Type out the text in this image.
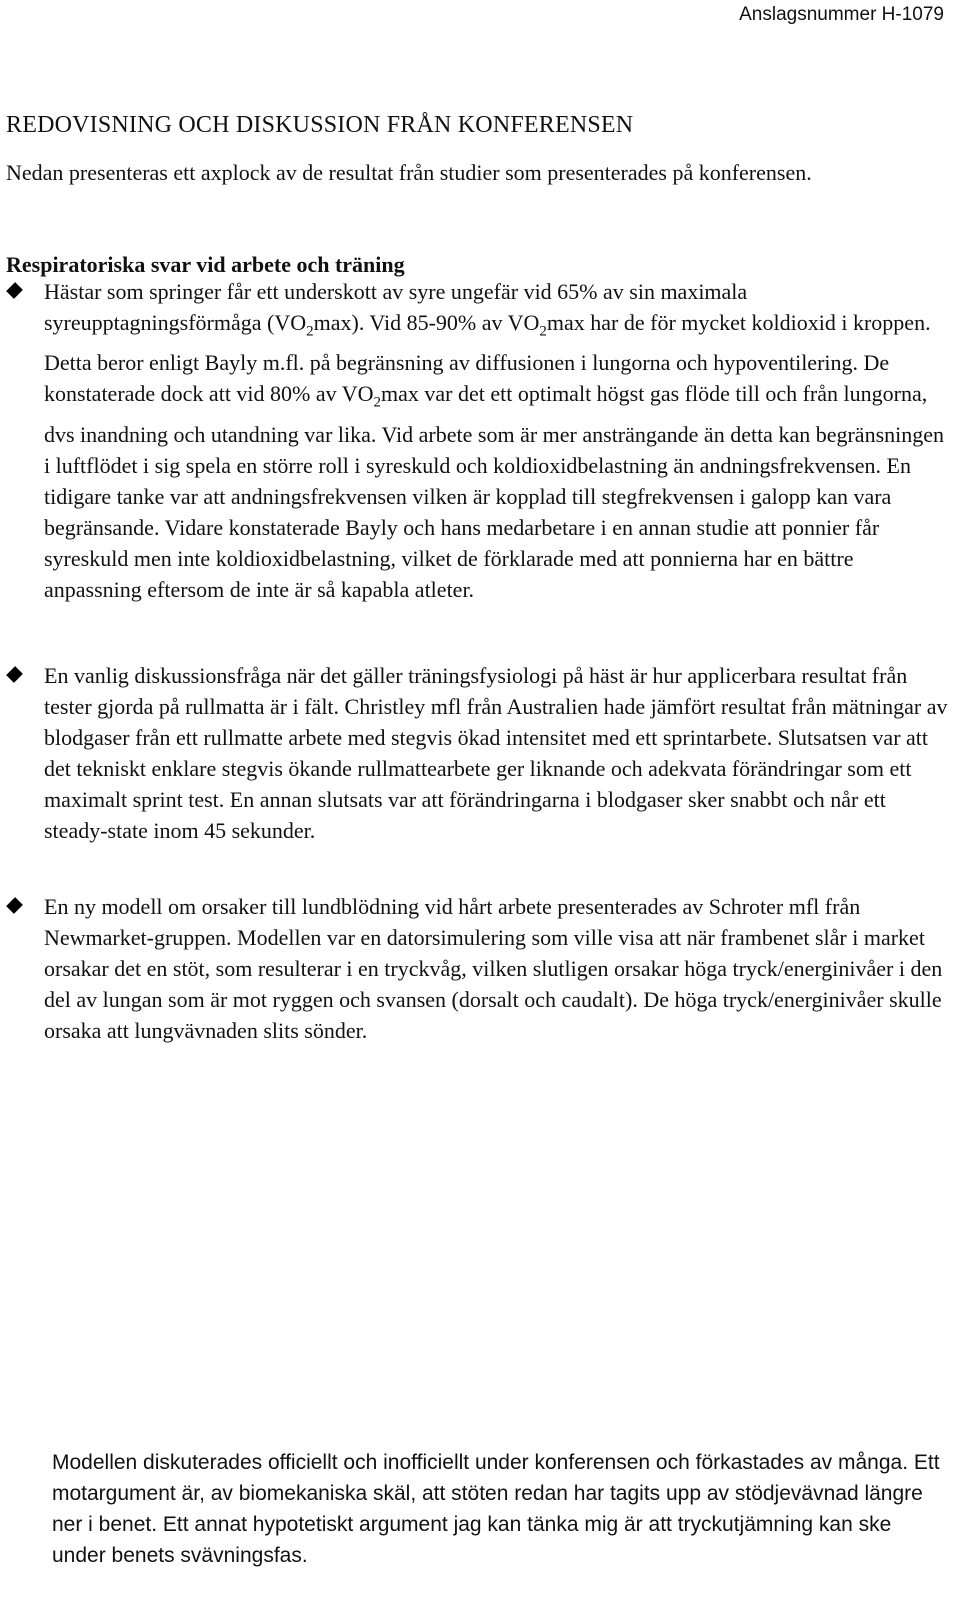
Anslagsnummer H-1079
REDOVISNING OCH DISKUSSION FRÅN KONFERENSEN

Nedan presenteras ett axplock av de resultat från studier som presenterades på konferensen.

Respiratoriska svar vid arbete och träning

Hästar som springer får ett underskott av syre ungefär vid 65% av sin maximala syreupptagningsförmåga $(VO_2\max)$. Vid 85-90% av $VO_2\max$ har de för mycket koldioxid i kroppen. Detta beror enligt Bayly m.fl. på begränsning av diffusionen i lungorna och hypoventilering. De konstaterade dock att vid 80% av $VO_2\max$ var det ett optimalt högst gas flöde till och från lungorna, dvs inandning och utandning var lika. Vid arbete som är mer ansträngande än detta kan begränsningen i luftflödet i sig spela en större roll i syreskuld och koldioxidbelastning än andningsfrekvensen. En tidigare tanke var att andningsfrekvensen vilken är kopplad till stegfrekvensen i galopp kan vara begränsande. Vidare konstaterade Bayly och hans medarbetare i en annan studie att ponnier får syreskuld men inte koldioxidbelastning, vilket de förklarade med att ponnierna har en bättre anpassning eftersom de inte är så kapabla atleter.

En vanlig diskussionsfråga när det gäller träningsfysiologi på häst är hur applicerbara resultat från tester gjorda på rullmatta är i fält. Christley mfl från Australien hade jämfört resultat från mätningar av blodgaser från ett rullmatte arbete med stegvis ökad intensitet med ett sprintarbete. Slutsatsen var att det tekniskt enklare stegvis ökande rullmattearbete ger liknande och adekvata förändringar som ett maximalt sprint test. En annan slutsats var att förändringarna i blodgaser sker snabbt och når ett steady-state inom 45 sekunder.

En ny modell om orsaker till lundblödning vid hårt arbete presenterades av Schroter mfl från Newmarket-gruppen. Modellen var en datorsimulering som ville visa att när frambenet slår i market orsakar det en stöt, som resulterar i en tryckvåg, vilken slutligen orsakar höga tryck/energinivåer i den del av lungan som är mot ryggen och svansen (dorsalt och caudalt). De höga tryck/energinivåer skulle orsaka att lungvävnaden slits sönder.

Modellen diskuterades officiellt och inofficiellt under konferensen och förkastades av många. Ett motargument är, av biomekaniska skäl, att stöten redan har tagits upp av stödjevävnad längre ner i benet. Ett annat hypotetiskt argument jag kan tänka mig är att tryckutjämning kan ske under benets svävningsfas.
